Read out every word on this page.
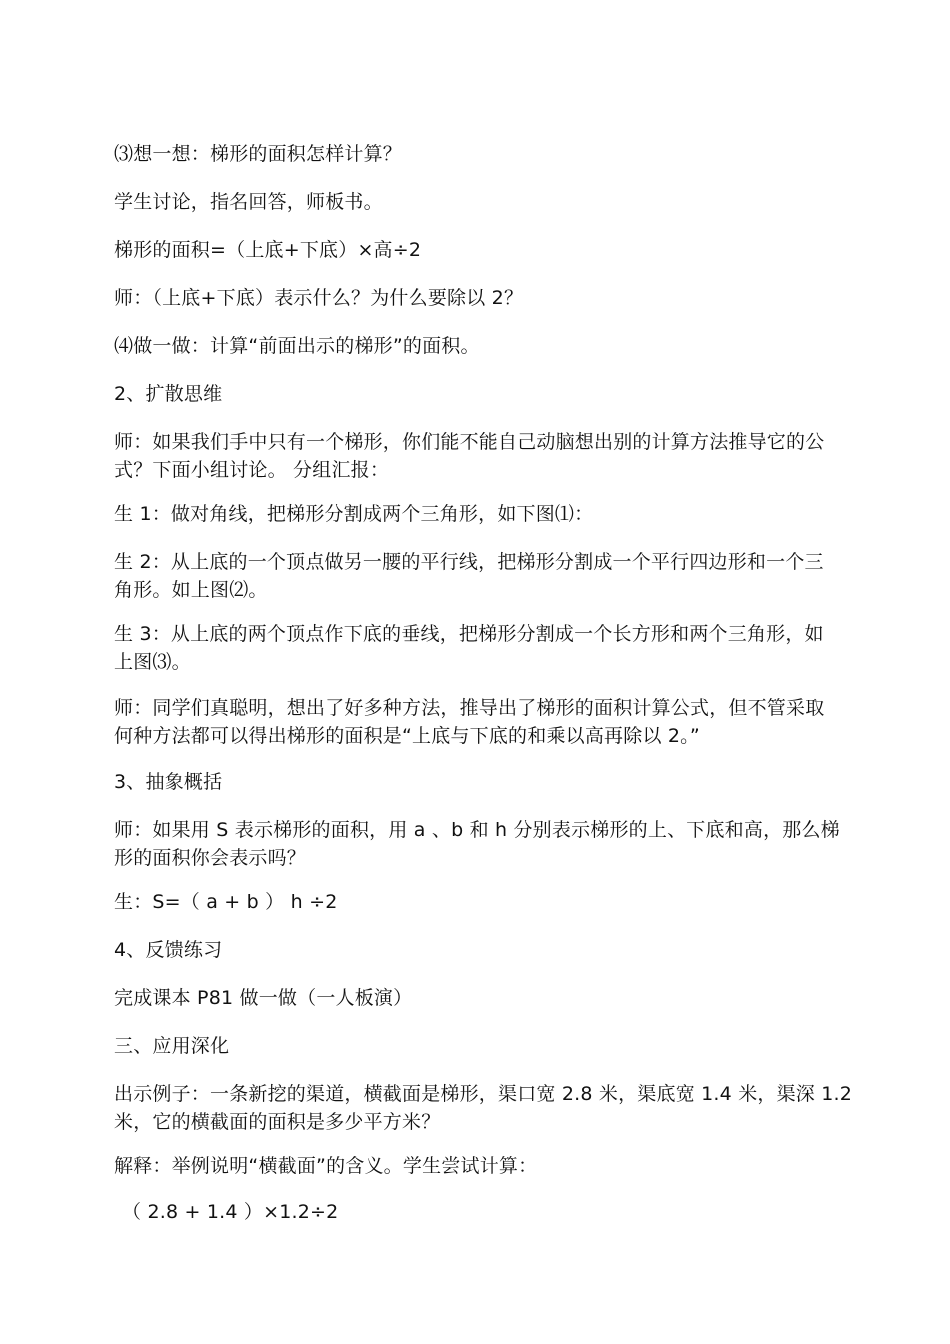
⑶想一想：梯形的面积怎样计算？

学生讨论，指名回答，师板书。

梯形的面积=（上底+下底）×高÷2

师：（上底+下底）表示什么？为什么要除以 2？

⑷做一做：计算“前面出示的梯形”的面积。

2、扩散思维

师：如果我们手中只有一个梯形，你们能不能自己动脑想出别的计算方法推导它的公
式？下面小组讨论。 分组汇报：

生 1：做对角线，把梯形分割成两个三角形，如下图⑴：

生 2：从上底的一个顶点做另一腰的平行线，把梯形分割成一个平行四边形和一个三
角形。如上图⑵。

生 3：从上底的两个顶点作下底的垂线，把梯形分割成一个长方形和两个三角形，如
上图⑶。

师：同学们真聪明，想出了好多种方法，推导出了梯形的面积计算公式，但不管采取
何种方法都可以得出梯形的面积是“上底与下底的和乘以高再除以 2。”

3、抽象概括

师：如果用 S 表示梯形的面积，用 a 、b 和 h 分别表示梯形的上、下底和高，那么梯
形的面积你会表示吗？

生：S=（ a + b ） h ÷2

4、反馈练习

完成课本 P81 做一做（一人板演）

三、应用深化

出示例子：一条新挖的渠道，横截面是梯形，渠口宽 2.8 米，渠底宽 1.4 米，渠深 1.2
米，它的横截面的面积是多少平方米？

解释：举例说明“横截面”的含义。学生尝试计算：

（ 2.8 + 1.4 ）×1.2÷2
